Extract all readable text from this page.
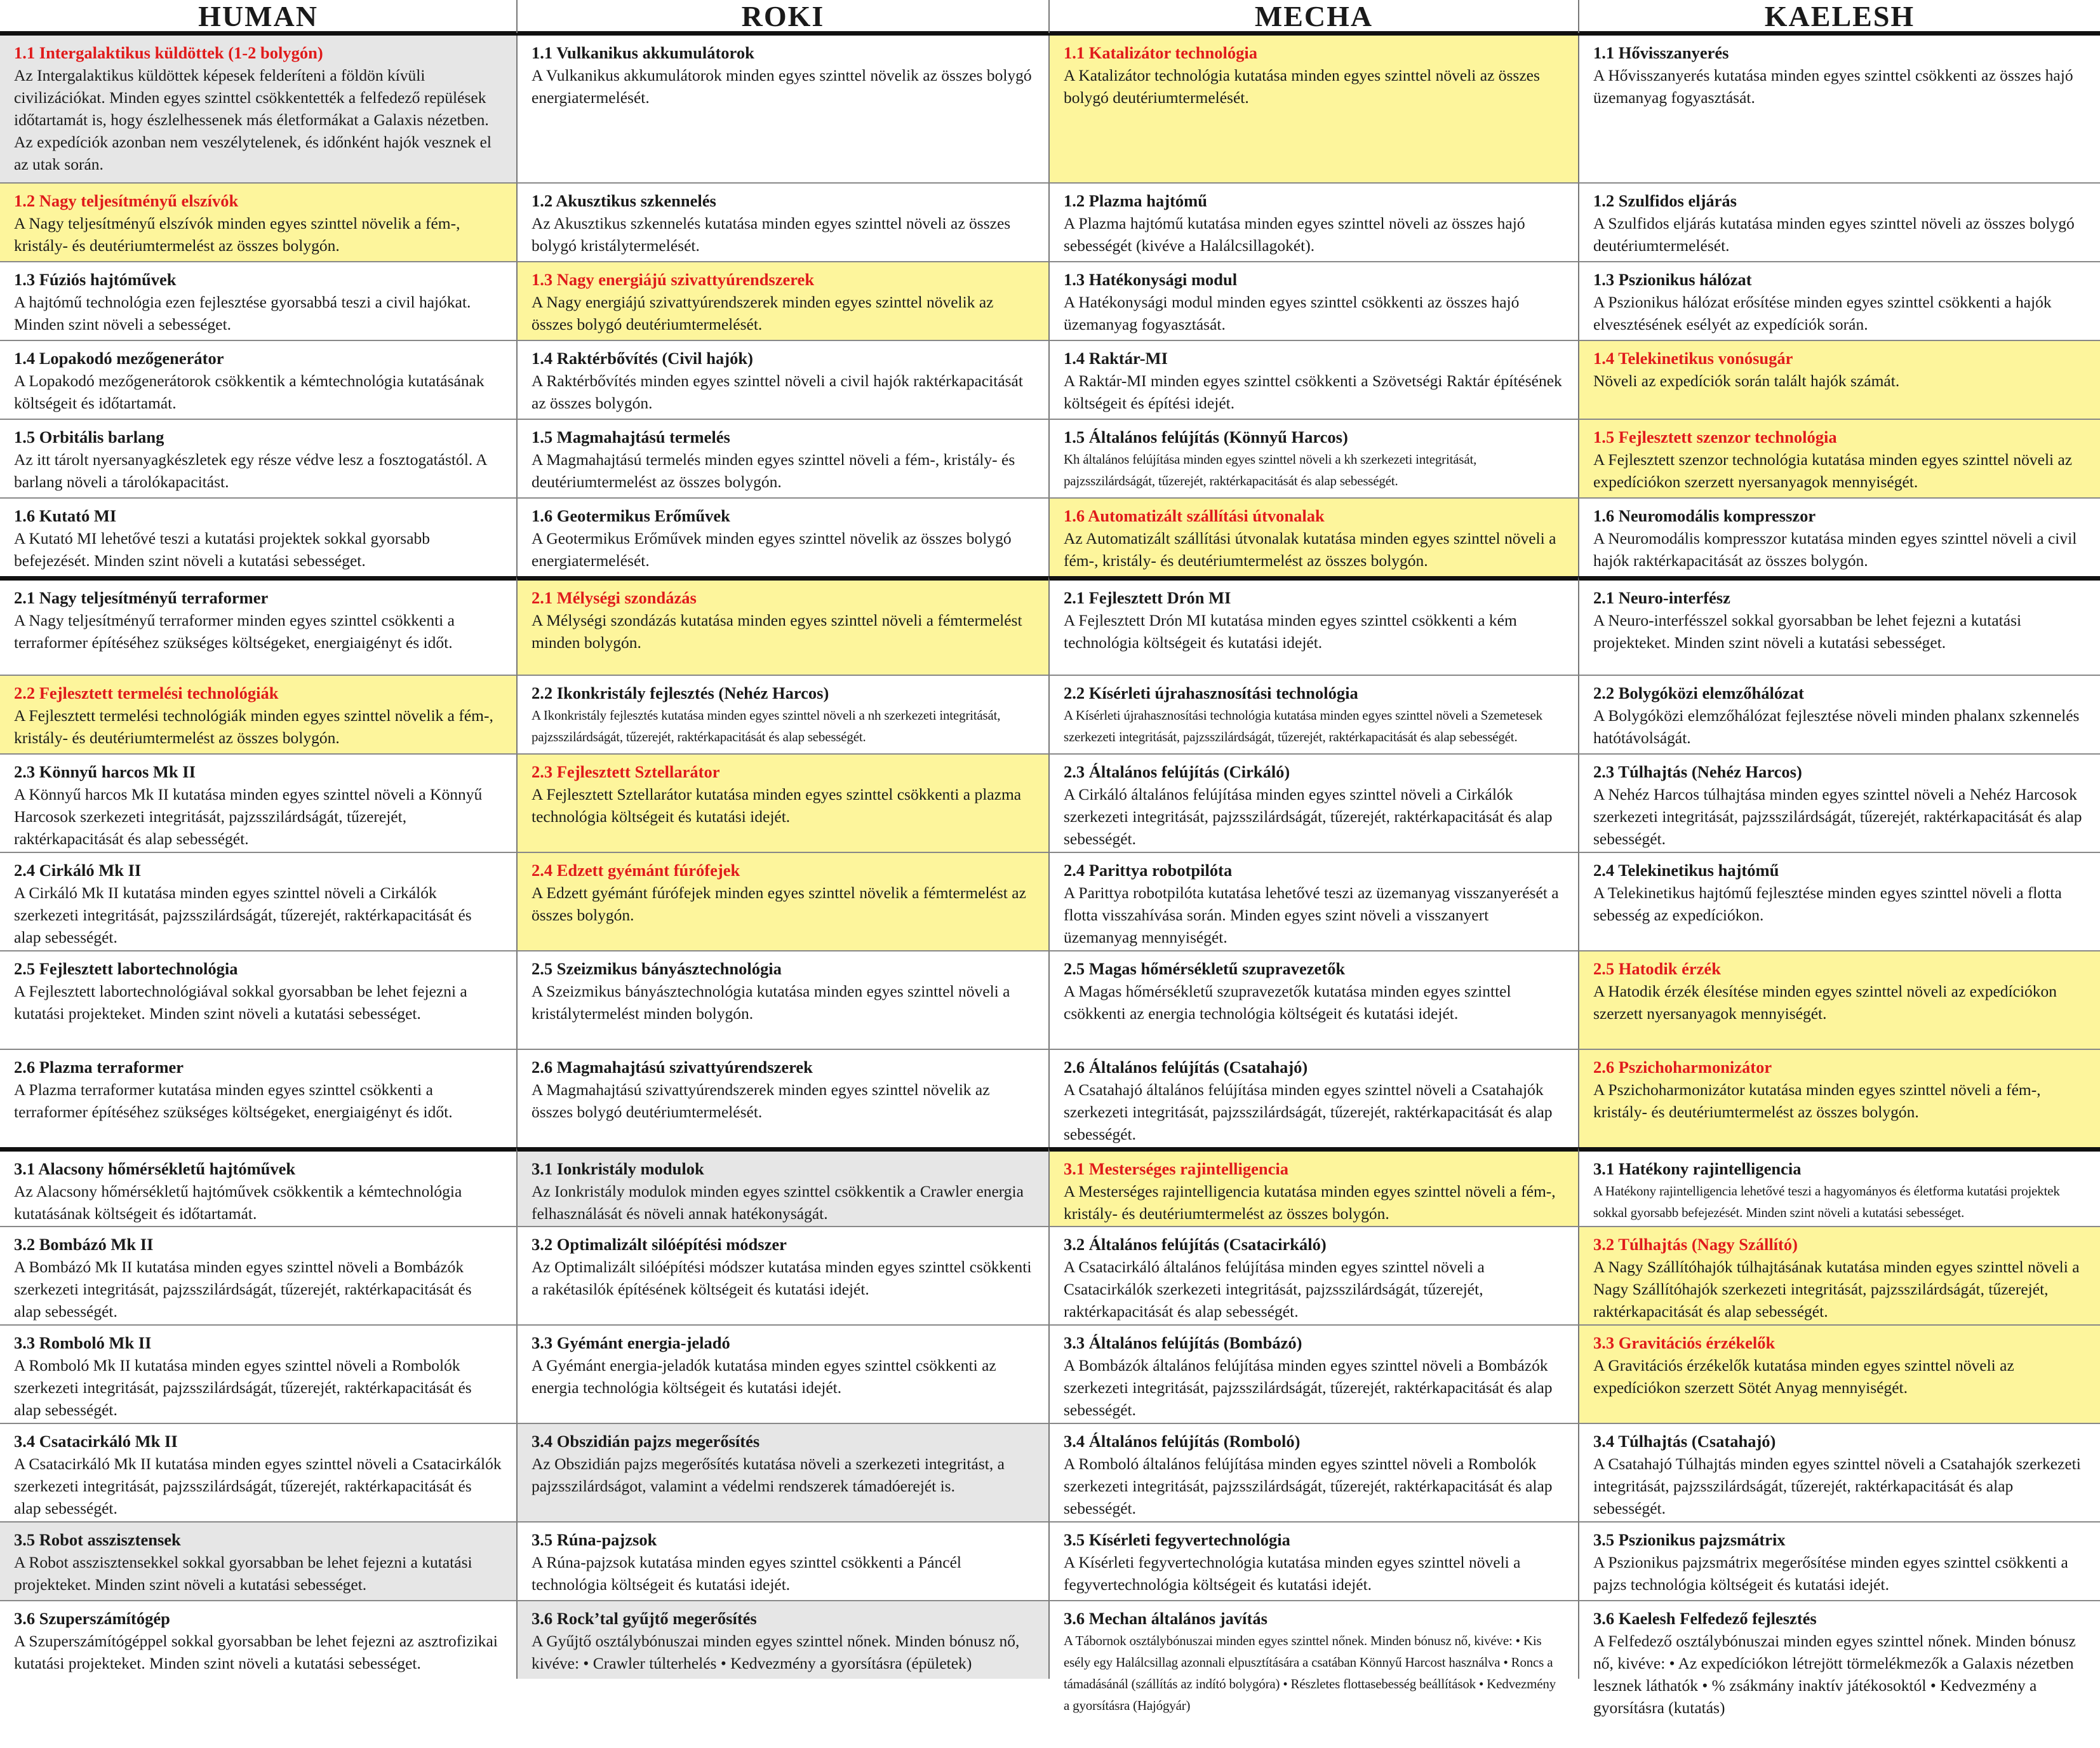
HUMAN	ROKI	MECHA	KAELESH
1.1 Intergalaktikus küldöttek (1-2 bolygón)
Az Intergalaktikus küldöttek képesek felderíteni a földön kívüli civilizációkat. Minden egyes szinttel csökkentették a felfedező repülések időtartamát is, hogy észlelhessenek más életformákat a Galaxis nézetben. Az expedíciók azonban nem veszélytelenek, és időnként hajók vesznek el az utak során.
1.1 Vulkanikus akkumulátorok
A Vulkanikus akkumulátorok minden egyes szinttel növelik az összes bolygó energiatermelését.
1.1 Katalizátor technológia
A Katalizátor technológia kutatása minden egyes szinttel növeli az összes bolygó deutériumtermelését.
1.1 Hővisszanyerés
A Hővisszanyerés kutatása minden egyes szinttel csökkenti az összes hajó üzemanyag fogyasztását.
1.2 Nagy teljesítményű elszívók
A Nagy teljesítményű elszívók minden egyes szinttel növelik a fém-, kristály- és deutériumtermelést az összes bolygón.
1.2 Akusztikus szkennelés
Az Akusztikus szkennelés kutatása minden egyes szinttel növeli az összes bolygó kristálytermelését.
1.2 Plazma hajtómű
A Plazma hajtómű kutatása minden egyes szinttel növeli az összes hajó sebességét (kivéve a Halálcsillagokét).
1.2 Szulfidos eljárás
A Szulfidos eljárás kutatása minden egyes szinttel növeli az összes bolygó deutériumtermelését.
1.3 Fúziós hajtóművek
A hajtómű technológia ezen fejlesztése gyorsabbá teszi a civil hajókat. Minden szint növeli a sebességet.
1.3 Nagy energiájú szivattyúrendszerek
A Nagy energiájú szivattyúrendszerek minden egyes szinttel növelik az összes bolygó deutériumtermelését.
1.3 Hatékonysági modul
A Hatékonysági modul minden egyes szinttel csökkenti az összes hajó üzemanyag fogyasztását.
1.3 Pszionikus hálózat
A Pszionikus hálózat erősítése minden egyes szinttel csökkenti a hajók elvesztésének esélyét az expedíciók során.
1.4 Lopakodó mezőgenerátor
A Lopakodó mezőgenerátorok csökkentik a kémtechnológia kutatásának költségeit és időtartamát.
1.4 Raktérbővítés (Civil hajók)
A Raktérbővítés minden egyes szinttel növeli a civil hajók raktérkapacitását az összes bolygón.
1.4 Raktár-MI
A Raktár-MI minden egyes szinttel csökkenti a Szövetségi Raktár építésének költségeit és építési idejét.
1.4 Telekinetikus vonósugár
Növeli az expedíciók során talált hajók számát.
1.5 Orbitális barlang
Az itt tárolt nyersanyagkészletek egy része védve lesz a fosztogatástól. A barlang növeli a tárolókapacitást.
1.5 Magmahajtású termelés
A Magmahajtású termelés minden egyes szinttel növeli a fém-, kristály- és deutériumtermelést az összes bolygón.
1.5 Általános felújítás (Könnyű Harcos)
Kh általános felújítása minden egyes szinttel növeli a kh szerkezeti integritását, pajzsszilárdságát, tűzerejét, raktérkapacitását és alap sebességét.
1.5 Fejlesztett szenzor technológia
A Fejlesztett szenzor technológia kutatása minden egyes szinttel növeli az expedíciókon szerzett nyersanyagok mennyiségét.
1.6 Kutató MI
A Kutató MI lehetővé teszi a kutatási projektek sokkal gyorsabb befejezését. Minden szint növeli a kutatási sebességet.
1.6 Geotermikus Erőművek
A Geotermikus Erőművek minden egyes szinttel növelik az összes bolygó energiatermelését.
1.6 Automatizált szállítási útvonalak
Az Automatizált szállítási útvonalak kutatása minden egyes szinttel növeli a fém-, kristály- és deutériumtermelést az összes bolygón.
1.6 Neuromodális kompresszor
A Neuromodális kompresszor kutatása minden egyes szinttel növeli a civil hajók raktérkapacitását az összes bolygón.
2.1 Nagy teljesítményű terraformer
A Nagy teljesítményű terraformer minden egyes szinttel csökkenti a terraformer építéséhez szükséges költségeket, energiaigényt és időt.
2.1 Mélységi szondázás
A Mélységi szondázás kutatása minden egyes szinttel növeli a fémtermelést minden bolygón.
2.1 Fejlesztett Drón MI
A Fejlesztett Drón MI kutatása minden egyes szinttel csökkenti a kém technológia költségeit és kutatási idejét.
2.1 Neuro-interfész
A Neuro-interfésszel sokkal gyorsabban be lehet fejezni a kutatási projekteket. Minden szint növeli a kutatási sebességet.
2.2 Fejlesztett termelési technológiák
A Fejlesztett termelési technológiák minden egyes szinttel növelik a fém-, kristály- és deutériumtermelést az összes bolygón.
2.2 Ikonkristály fejlesztés (Nehéz Harcos)
A Ikonkristály fejlesztés kutatása minden egyes szinttel növeli a nh szerkezeti integritását, pajzsszilárdságát, tűzerejét, raktérkapacitását és alap sebességét.
2.2 Kísérleti újrahasznosítási technológia
A Kísérleti újrahasznosítási technológia kutatása minden egyes szinttel növeli a Szemetesek szerkezeti integritását, pajzsszilárdságát, tűzerejét, raktérkapacitását és alap sebességét.
2.2 Bolygóközi elemzőhálózat
A Bolygóközi elemzőhálózat fejlesztése növeli minden phalanx szkennelés hatótávolságát.
2.3 Könnyű harcos Mk II
A Könnyű harcos Mk II kutatása minden egyes szinttel növeli a Könnyű Harcosok szerkezeti integritását, pajzsszilárdságát, tűzerejét, raktérkapacitását és alap sebességét.
2.3 Fejlesztett Sztellarátor
A Fejlesztett Sztellarátor kutatása minden egyes szinttel csökkenti a plazma technológia költségeit és kutatási idejét.
2.3 Általános felújítás (Cirkáló)
A Cirkáló általános felújítása minden egyes szinttel növeli a Cirkálók szerkezeti integritását, pajzsszilárdságát, tűzerejét, raktérkapacitását és alap sebességét.
2.3 Túlhajtás (Nehéz Harcos)
A Nehéz Harcos túlhajtása minden egyes szinttel növeli a Nehéz Harcosok szerkezeti integritását, pajzsszilárdságát, tűzerejét, raktérkapacitását és alap sebességét.
2.4 Cirkáló Mk II
A Cirkáló Mk II kutatása minden egyes szinttel növeli a Cirkálók szerkezeti integritását, pajzsszilárdságát, tűzerejét, raktérkapacitását és alap sebességét.
2.4 Edzett gyémánt fúrófejek
A Edzett gyémánt fúrófejek minden egyes szinttel növelik a fémtermelést az összes bolygón.
2.4 Parittya robotpilóta
A Parittya robotpilóta kutatása lehetővé teszi az üzemanyag visszanyerését a flotta visszahívása során. Minden egyes szint növeli a visszanyert üzemanyag mennyiségét.
2.4 Telekinetikus hajtómű
A Telekinetikus hajtómű fejlesztése minden egyes szinttel növeli a flotta sebesség az expedíciókon.
2.5 Fejlesztett labortechnológia
A Fejlesztett labortechnológiával sokkal gyorsabban be lehet fejezni a kutatási projekteket. Minden szint növeli a kutatási sebességet.
2.5 Szeizmikus bányásztechnológia
A Szeizmikus bányásztechnológia kutatása minden egyes szinttel növeli a kristálytermelést minden bolygón.
2.5 Magas hőmérsékletű szupravezetők
A Magas hőmérsékletű szupravezetők kutatása minden egyes szinttel csökkenti az energia technológia költségeit és kutatási idejét.
2.5 Hatodik érzék
A Hatodik érzék élesítése minden egyes szinttel növeli az expedíciókon szerzett nyersanyagok mennyiségét.
2.6 Plazma terraformer
A Plazma terraformer kutatása minden egyes szinttel csökkenti a terraformer építéséhez szükséges költségeket, energiaigényt és időt.
2.6 Magmahajtású szivattyúrendszerek
A Magmahajtású szivattyúrendszerek minden egyes szinttel növelik az összes bolygó deutériumtermelését.
2.6 Általános felújítás (Csatahajó)
A Csatahajó általános felújítása minden egyes szinttel növeli a Csatahajók szerkezeti integritását, pajzsszilárdságát, tűzerejét, raktérkapacitását és alap sebességét.
2.6 Pszichoharmonizátor
A Pszichoharmonizátor kutatása minden egyes szinttel növeli a fém-, kristály- és deutériumtermelést az összes bolygón.
3.1 Alacsony hőmérsékletű hajtóművek
Az Alacsony hőmérsékletű hajtóművek csökkentik a kémtechnológia kutatásának költségeit és időtartamát.
3.1 Ionkristály modulok
Az Ionkristály modulok minden egyes szinttel csökkentik a Crawler energia felhasználását és növeli annak hatékonyságát.
3.1 Mesterséges rajintelligencia
A Mesterséges rajintelligencia kutatása minden egyes szinttel növeli a fém-, kristály- és deutériumtermelést az összes bolygón.
3.1 Hatékony rajintelligencia
A Hatékony rajintelligencia lehetővé teszi a hagyományos és életforma kutatási projektek sokkal gyorsabb befejezését. Minden szint növeli a kutatási sebességet.
3.2 Bombázó Mk II
A Bombázó Mk II kutatása minden egyes szinttel növeli a Bombázók szerkezeti integritását, pajzsszilárdságát, tűzerejét, raktérkapacitását és alap sebességét.
3.2 Optimalizált silóépítési módszer
Az Optimalizált silóépítési módszer kutatása minden egyes szinttel csökkenti a rakétasilók építésének költségeit és kutatási idejét.
3.2 Általános felújítás (Csatacirkáló)
A Csatacirkáló általános felújítása minden egyes szinttel növeli a Csatacirkálók szerkezeti integritását, pajzsszilárdságát, tűzerejét, raktérkapacitását és alap sebességét.
3.2 Túlhajtás (Nagy Szállító)
A Nagy Szállítóhajók túlhajtásának kutatása minden egyes szinttel növeli a Nagy Szállítóhajók szerkezeti integritását, pajzsszilárdságát, tűzerejét, raktérkapacitását és alap sebességét.
3.3 Romboló Mk II
A Romboló Mk II kutatása minden egyes szinttel növeli a Rombolók szerkezeti integritását, pajzsszilárdságát, tűzerejét, raktérkapacitását és alap sebességét.
3.3 Gyémánt energia-jeladó
A Gyémánt energia-jeladók kutatása minden egyes szinttel csökkenti az energia technológia költségeit és kutatási idejét.
3.3 Általános felújítás (Bombázó)
A Bombázók általános felújítása minden egyes szinttel növeli a Bombázók szerkezeti integritását, pajzsszilárdságát, tűzerejét, raktérkapacitását és alap sebességét.
3.3 Gravitációs érzékelők
A Gravitációs érzékelők kutatása minden egyes szinttel növeli az expedíciókon szerzett Sötét Anyag mennyiségét.
3.4 Csatacirkáló Mk II
A Csatacirkáló Mk II kutatása minden egyes szinttel növeli a Csatacirkálók szerkezeti integritását, pajzsszilárdságát, tűzerejét, raktérkapacitását és alap sebességét.
3.4 Obszidián pajzs megerősítés
Az Obszidián pajzs megerősítés kutatása növeli a szerkezeti integritást, a pajzsszilárdságot, valamint a védelmi rendszerek támadóerejét is.
3.4 Általános felújítás (Romboló)
A Romboló általános felújítása minden egyes szinttel növeli a Rombolók szerkezeti integritását, pajzsszilárdságát, tűzerejét, raktérkapacitását és alap sebességét.
3.4 Túlhajtás (Csatahajó)
A Csatahajó Túlhajtás minden egyes szinttel növeli a Csatahajók szerkezeti integritását, pajzsszilárdságát, tűzerejét, raktérkapacitását és alap sebességét.
3.5 Robot asszisztensek
A Robot asszisztensekkel sokkal gyorsabban be lehet fejezni a kutatási projekteket. Minden szint növeli a kutatási sebességet.
3.5 Rúna-pajzsok
A Rúna-pajzsok kutatása minden egyes szinttel csökkenti a Páncél technológia költségeit és kutatási idejét.
3.5 Kísérleti fegyvertechnológia
A Kísérleti fegyvertechnológia kutatása minden egyes szinttel növeli a fegyvertechnológia költségeit és kutatási idejét.
3.5 Pszionikus pajzsmátrix
A Pszionikus pajzsmátrix megerősítése minden egyes szinttel csökkenti a pajzs technológia költségeit és kutatási idejét.
3.6 Szuperszámítógép
A Szuperszámítógéppel sokkal gyorsabban be lehet fejezni az asztrofizikai kutatási projekteket. Minden szint növeli a kutatási sebességet.
3.6 Rock’tal gyűjtő megerősítés
A Gyűjtő osztálybónuszai minden egyes szinttel nőnek. Minden bónusz nő, kivéve: • Crawler túlterhelés • Kedvezmény a gyorsításra (épületek)
3.6 Mechan általános javítás
A Tábornok osztálybónuszai minden egyes szinttel nőnek. Minden bónusz nő, kivéve: • Kis esély egy Halálcsillag azonnali elpusztítására a csatában Könnyű Harcost használva • Roncs a támadásánál (szállítás az indító bolygóra) • Részletes flottasebesség beállítások • Kedvezmény a gyorsításra (Hajógyár)
3.6 Kaelesh Felfedező fejlesztés
A Felfedező osztálybónuszai minden egyes szinttel nőnek. Minden bónusz nő, kivéve: • Az expedíciókon létrejött törmelékmezők a Galaxis nézetben lesznek láthatók • % zsákmány inaktív játékosoktól • Kedvezmény a gyorsításra (kutatás)
